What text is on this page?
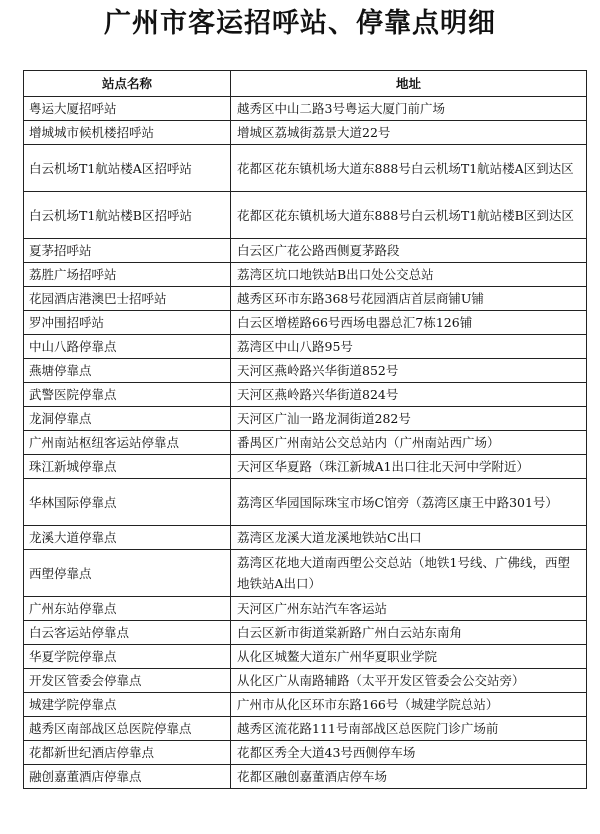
广州市客运招呼站、停靠点明细
站点名称	地址
粤运大厦招呼站	越秀区中山二路3号粤运大厦门前广场
增城城市候机楼招呼站	增城区荔城街荔景大道22号
白云机场T1航站楼A区招呼站	花都区花东镇机场大道东888号白云机场T1航站楼A区到达区
白云机场T1航站楼B区招呼站	花都区花东镇机场大道东888号白云机场T1航站楼B区到达区
夏茅招呼站	白云区广花公路西侧夏茅路段
荔胜广场招呼站	荔湾区坑口地铁站B出口处公交总站
花园酒店港澳巴士招呼站	越秀区环市东路368号花园酒店首层商铺U铺
罗冲围招呼站	白云区增槎路66号西场电器总汇7栋126铺
中山八路停靠点	荔湾区中山八路95号
燕塘停靠点	天河区燕岭路兴华街道852号
武警医院停靠点	天河区燕岭路兴华街道824号
龙洞停靠点	天河区广汕一路龙洞街道282号
广州南站枢纽客运站停靠点	番禺区广州南站公交总站内（广州南站西广场）
珠江新城停靠点	天河区华夏路（珠江新城A1出口往北天河中学附近）
华林国际停靠点	荔湾区华园国际珠宝市场C馆旁（荔湾区康王中路301号）
龙溪大道停靠点	荔湾区龙溪大道龙溪地铁站C出口
西塱停靠点	荔湾区花地大道南西塱公交总站（地铁1号线、广佛线，西塱地铁站A出口）
广州东站停靠点	天河区广州东站汽车客运站
白云客运站停靠点	白云区新市街道棠新路广州白云站东南角
华夏学院停靠点	从化区城鳌大道东广州华夏职业学院
开发区管委会停靠点	从化区广从南路辅路（太平开发区管委会公交站旁）
城建学院停靠点	广州市从化区环市东路166号（城建学院总站）
越秀区南部战区总医院停靠点	越秀区流花路111号南部战区总医院门诊广场前
花都新世纪酒店停靠点	花都区秀全大道43号西侧停车场
融创嘉董酒店停靠点	花都区融创嘉董酒店停车场
